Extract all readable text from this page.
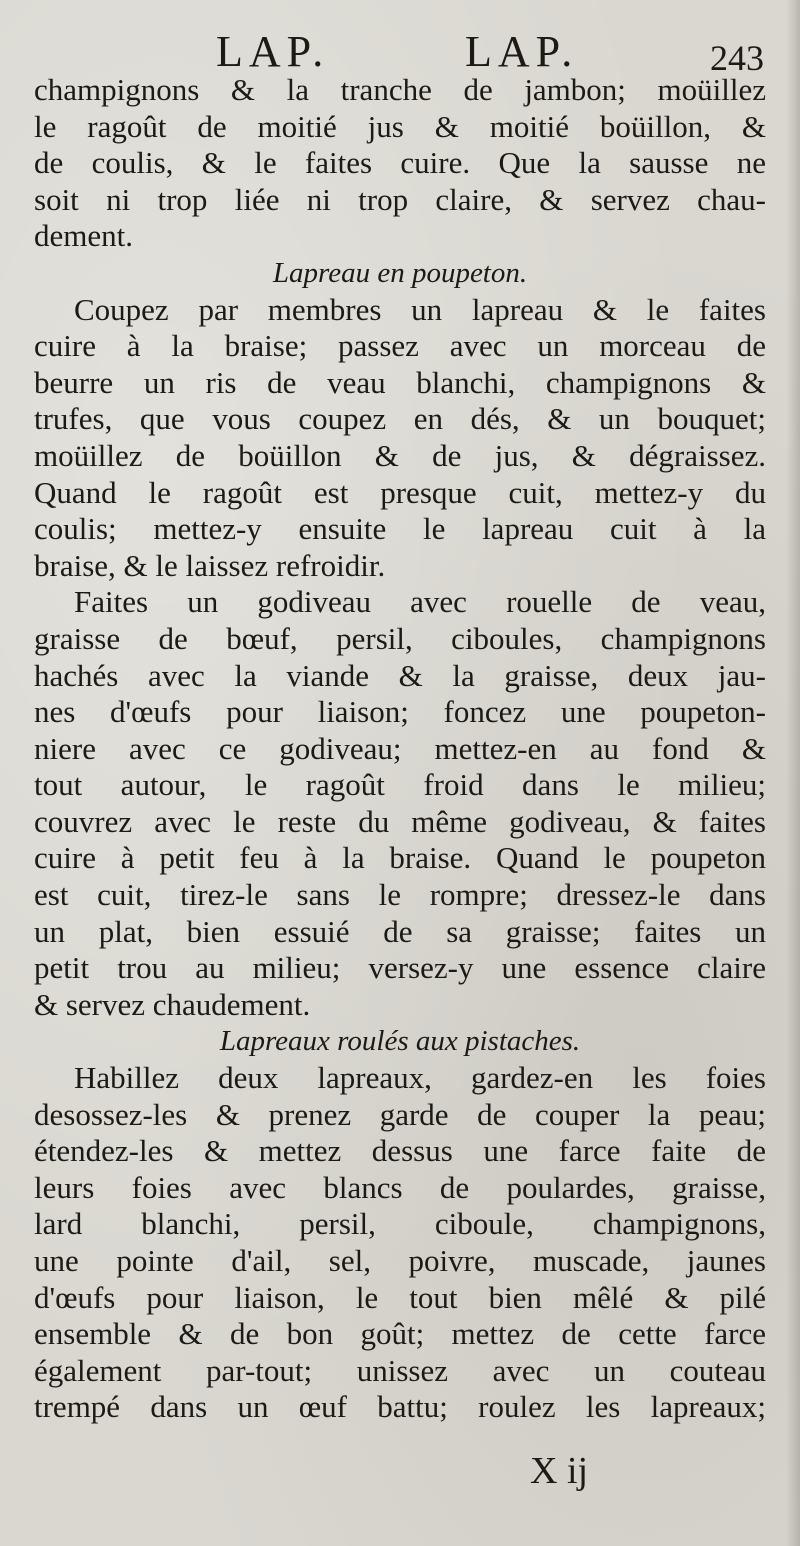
LAP.	LAP.	243
champignons & la tranche de jambon; moüillez
le ragoût de moitié jus & moitié boüillon, &
de coulis, & le faites cuire. Que la sausse ne
soit ni trop liée ni trop claire, & servez chau-
dement.
Lapreau en poupeton.
Coupez par membres un lapreau & le faites
cuire à la braise; passez avec un morceau de
beurre un ris de veau blanchi, champignons &
trufes, que vous coupez en dés, & un bouquet;
moüillez de boüillon & de jus, & dégraissez.
Quand le ragoût est presque cuit, mettez-y du
coulis; mettez-y ensuite le lapreau cuit à la
braise, & le laissez refroidir.
Faites un godiveau avec rouelle de veau,
graisse de bœuf, persil, ciboules, champignons
hachés avec la viande & la graisse, deux jau-
nes d'œufs pour liaison; foncez une poupeton-
niere avec ce godiveau; mettez-en au fond &
tout autour, le ragoût froid dans le milieu;
couvrez avec le reste du même godiveau, & faites
cuire à petit feu à la braise. Quand le poupeton
est cuit, tirez-le sans le rompre; dressez-le dans
un plat, bien essuié de sa graisse; faites un
petit trou au milieu; versez-y une essence claire
& servez chaudement.
Lapreaux roulés aux pistaches.
Habillez deux lapreaux, gardez-en les foies
desossez-les & prenez garde de couper la peau;
étendez-les & mettez dessus une farce faite de
leurs foies avec blancs de poulardes, graisse,
lard blanchi, persil, ciboule, champignons,
une pointe d'ail, sel, poivre, muscade, jaunes
d'œufs pour liaison, le tout bien mêlé & pilé
ensemble & de bon goût; mettez de cette farce
également par-tout; unissez avec un couteau
trempé dans un œuf battu; roulez les lapreaux;
X ij
